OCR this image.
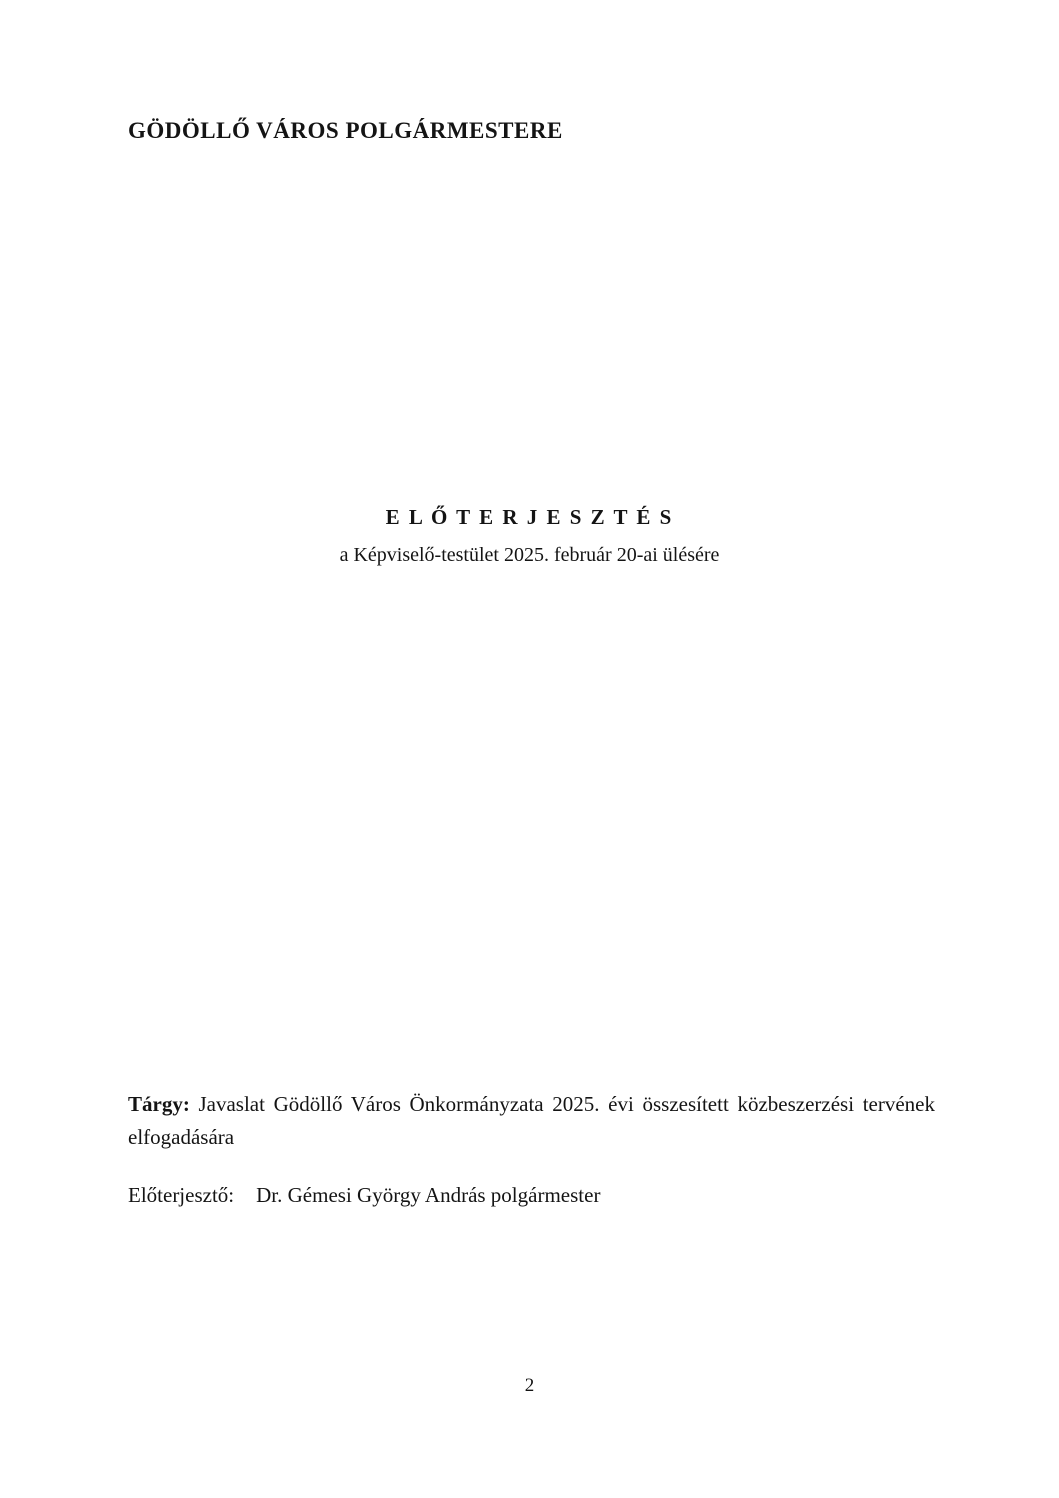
GÖDÖLLŐ VÁROS POLGÁRMESTERE

E L Ő T E R J E S Z T É S

a Képviselő-testület 2025. február 20-ai ülésére

Tárgy: Javaslat Gödöllő Város Önkormányzata 2025. évi összesített közbeszerzési tervének elfogadására
Előterjesztő: Dr. Gémesi György András polgármester
2
